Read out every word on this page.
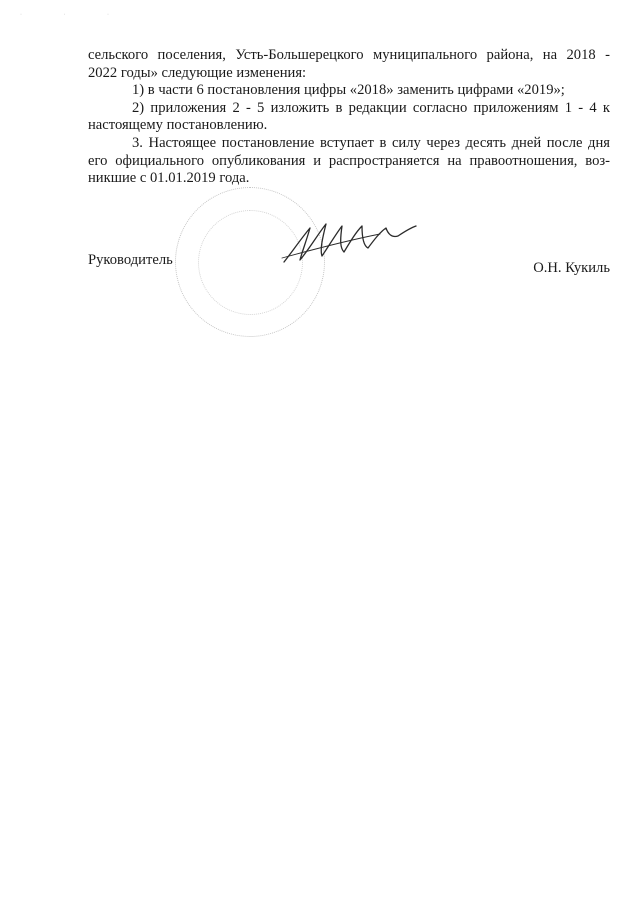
· · ·
сельского поселения, Усть-Большерецкого муниципального района, на 2018 -
2022 годы» следующие изменения:
1) в части 6 постановления цифры «2018» заменить цифрами «2019»;
2) приложения 2 - 5 изложить в редакции согласно приложениям 1 - 4 к
настоящему постановлению.
3. Настоящее постановление вступает в силу через десять дней после дня
его официального опубликования и распространяется на правоотношения, воз-
никшие с 01.01.2019 года.
Руководитель	О.Н. Кукиль
